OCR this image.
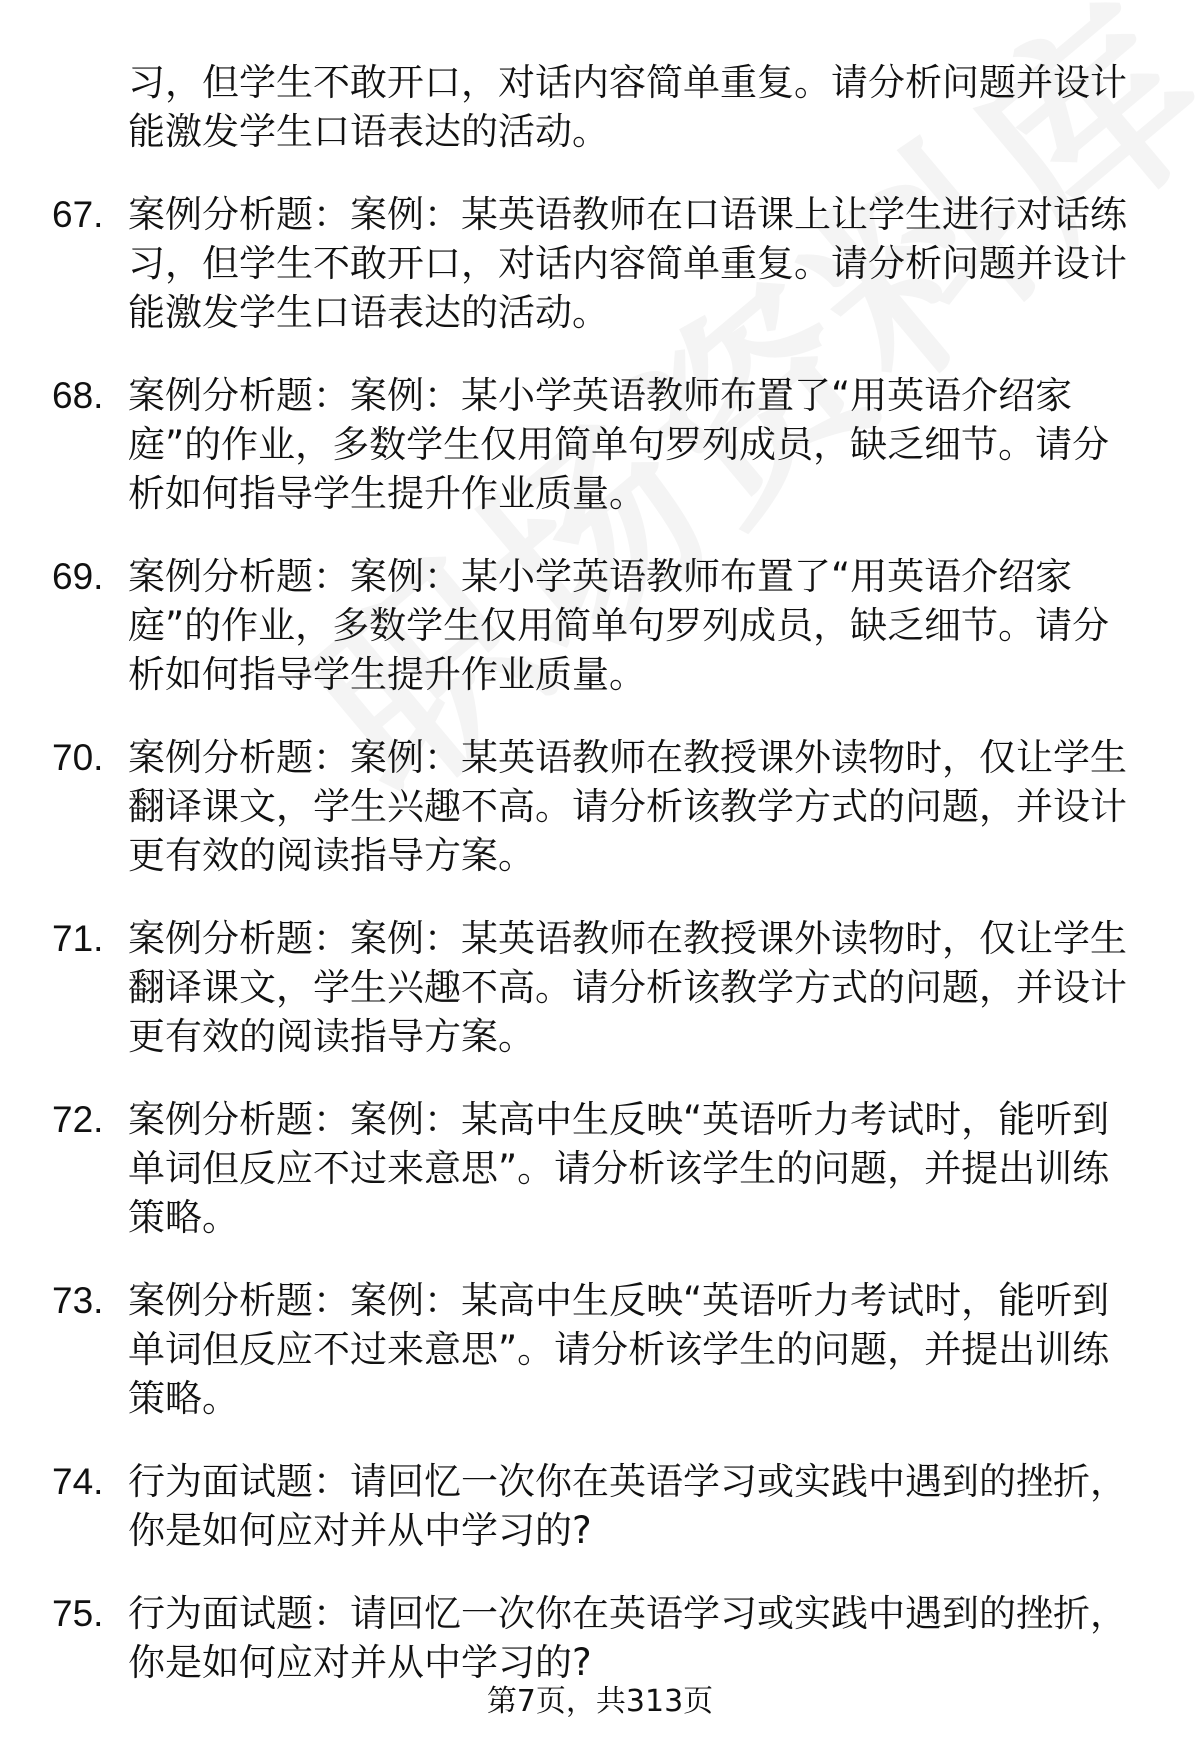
习，但学生不敢开口，对话内容简单重复。请分析问题并设计能激发学生口语表达的活动。
67. 案例分析题：案例：某英语教师在口语课上让学生进行对话练习，但学生不敢开口，对话内容简单重复。请分析问题并设计能激发学生口语表达的活动。
68. 案例分析题：案例：某小学英语教师布置了“用英语介绍家庭”的作业，多数学生仅用简单句罗列成员，缺乏细节。请分析如何指导学生提升作业质量。
69. 案例分析题：案例：某小学英语教师布置了“用英语介绍家庭”的作业，多数学生仅用简单句罗列成员，缺乏细节。请分析如何指导学生提升作业质量。
70. 案例分析题：案例：某英语教师在教授课外读物时，仅让学生翻译课文，学生兴趣不高。请分析该教学方式的问题，并设计更有效的阅读指导方案。
71. 案例分析题：案例：某英语教师在教授课外读物时，仅让学生翻译课文，学生兴趣不高。请分析该教学方式的问题，并设计更有效的阅读指导方案。
72. 案例分析题：案例：某高中生反映“英语听力考试时，能听到单词但反应不过来意思”。请分析该学生的问题，并提出训练策略。
73. 案例分析题：案例：某高中生反映“英语听力考试时，能听到单词但反应不过来意思”。请分析该学生的问题，并提出训练策略。
74. 行为面试题：请回忆一次你在英语学习或实践中遇到的挫折，你是如何应对并从中学习的?
75. 行为面试题：请回忆一次你在英语学习或实践中遇到的挫折，你是如何应对并从中学习的?
第7页，共313页
